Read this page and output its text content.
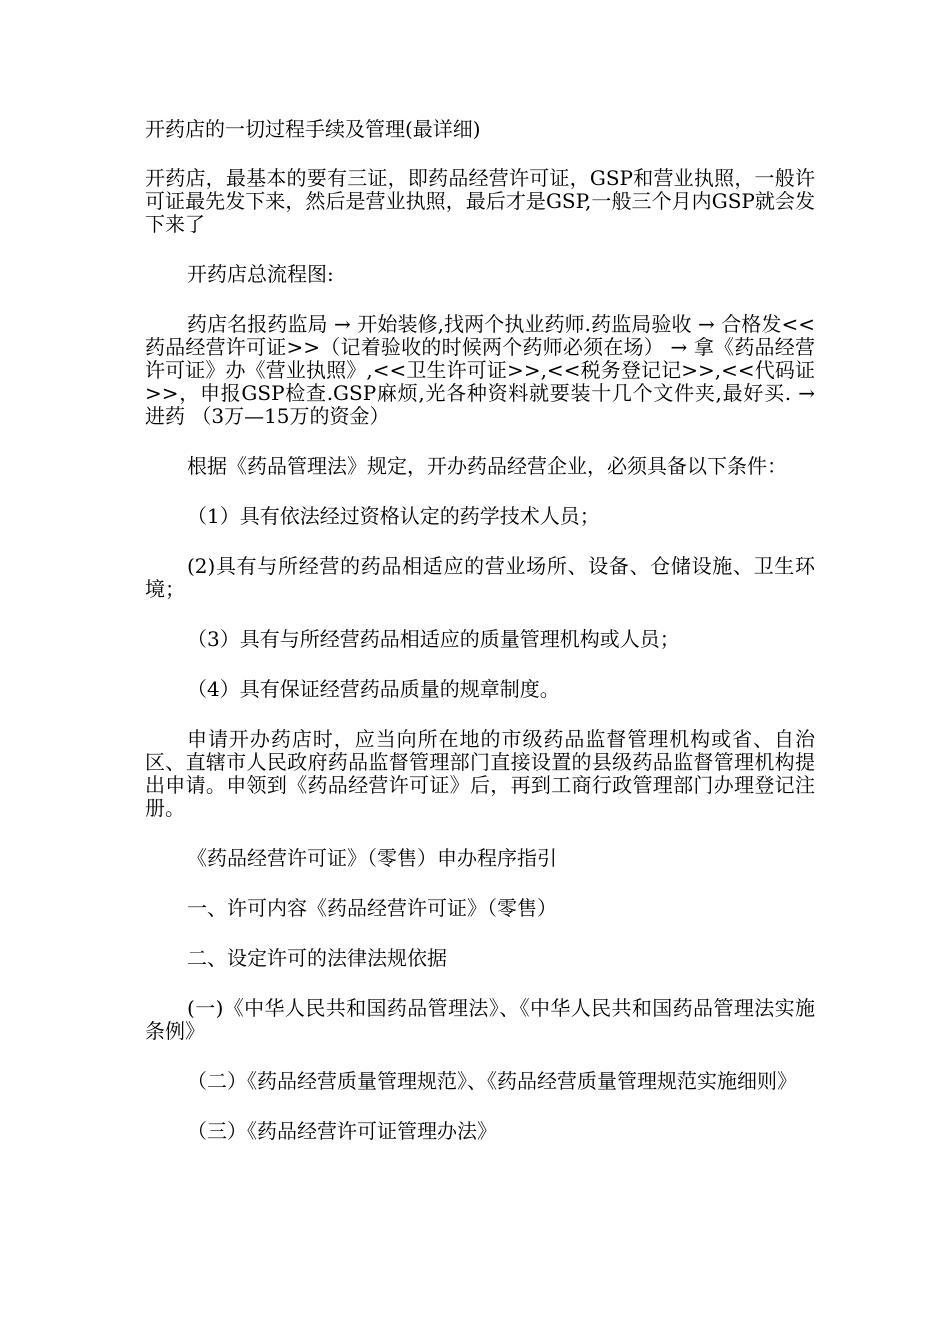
开药店的一切过程手续及管理(最详细)

开药店，最基本的要有三证，即药品经营许可证，GSP和营业执照，一般许可证最先发下来，然后是营业执照，最后才是GSP,一般三个月内GSP就会发下来了

开药店总流程图:

药店名报药监局 → 开始装修,找两个执业药师.药监局验收 → 合格发<<药品经营许可证>>（记着验收的时候两个药师必须在场） → 拿《药品经营许可证》办《营业执照》,<<卫生许可证>>,<<税务登记记>>,<<代码证>>，申报GSP检查.GSP麻烦,光各种资料就要装十几个文件夹,最好买. → 进药 （3万—15万的资金）

根据《药品管理法》规定，开办药品经营企业，必须具备以下条件：

（1）具有依法经过资格认定的药学技术人员；

(2)具有与所经营的药品相适应的营业场所、设备、仓储设施、卫生环境；

（3）具有与所经营药品相适应的质量管理机构或人员；

（4）具有保证经营药品质量的规章制度。

申请开办药店时，应当向所在地的市级药品监督管理机构或省、自治区、直辖市人民政府药品监督管理部门直接设置的县级药品监督管理机构提出申请。申领到《药品经营许可证》后，再到工商行政管理部门办理登记注册。

《药品经营许可证》（零售）申办程序指引

一、许可内容《药品经营许可证》（零售）

二、设定许可的法律法规依据

(一)《中华人民共和国药品管理法》、《中华人民共和国药品管理法实施条例》

（二）《药品经营质量管理规范》、《药品经营质量管理规范实施细则》

（三）《药品经营许可证管理办法》
